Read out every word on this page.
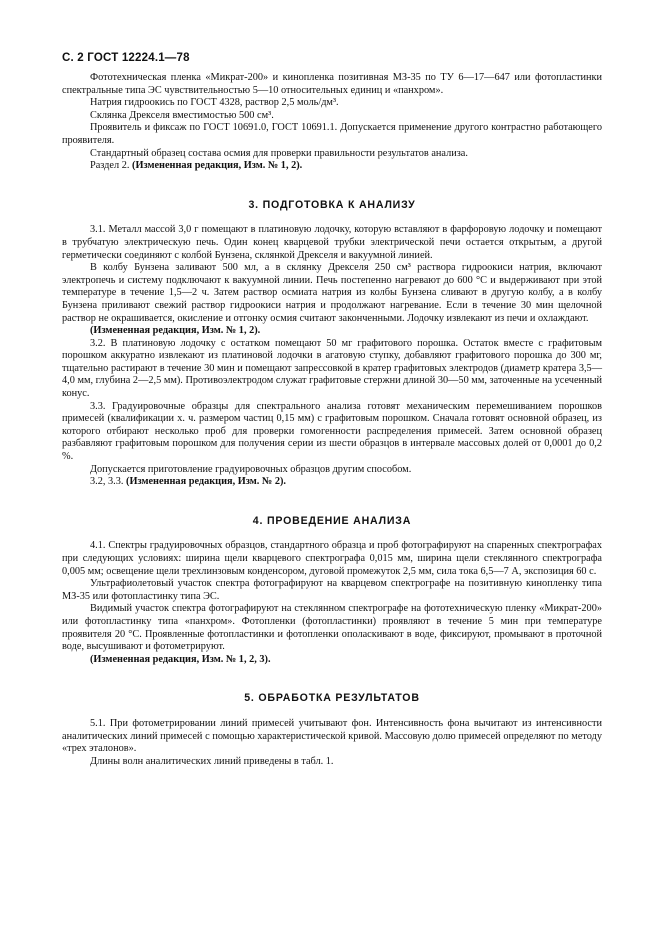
С. 2 ГОСТ 12224.1—78

Фототехническая пленка «Микрат-200» и кинопленка позитивная МЗ-35 по ТУ 6—17—647 или фотопластинки спектральные типа ЭС чувствительностью 5—10 относительных единиц и «панхром».

Натрия гидроокись по ГОСТ 4328, раствор 2,5 моль/дм³.

Склянка Дрекселя вместимостью 500 см³.

Проявитель и фиксаж по ГОСТ 10691.0, ГОСТ 10691.1. Допускается применение другого контрастно работающего проявителя.

Стандартный образец состава осмия для проверки правильности результатов анализа.

Раздел 2. (Измененная редакция, Изм. № 1, 2).

3. ПОДГОТОВКА К АНАЛИЗУ

3.1. Металл массой 3,0 г помещают в платиновую лодочку, которую вставляют в фарфоровую лодочку и помещают в трубчатую электрическую печь. Один конец кварцевой трубки электрической печи остается открытым, а другой герметически соединяют с колбой Бунзена, склянкой Дрекселя и вакуумной линией.

В колбу Бунзена заливают 500 мл, а в склянку Дрекселя 250 см³ раствора гидроокиси натрия, включают электропечь и систему подключают к вакуумной линии. Печь постепенно нагревают до 600 °С и выдерживают при этой температуре в течение 1,5—2 ч. Затем раствор осмиата натрия из колбы Бунзена сливают в другую колбу, а в колбу Бунзена приливают свежий раствор гидроокиси натрия и продолжают нагревание. Если в течение 30 мин щелочной раствор не окрашивается, окисление и отгонку осмия считают законченными. Лодочку извлекают из печи и охлаждают.

(Измененная редакция, Изм. № 1, 2).

3.2. В платиновую лодочку с остатком помещают 50 мг графитового порошка. Остаток вместе с графитовым порошком аккуратно извлекают из платиновой лодочки в агатовую ступку, добавляют графитового порошка до 300 мг, тщательно растирают в течение 30 мин и помещают запрессовкой в кратер графитовых электродов (диаметр кратера 3,5—4,0 мм, глубина 2—2,5 мм). Противоэлектродом служат графитовые стержни длиной 30—50 мм, заточенные на усеченный конус.

3.3. Градуировочные образцы для спектрального анализа готовят механическим перемешиванием порошков примесей (квалификации х. ч. размером частиц 0,15 мм) с графитовым порошком. Сначала готовят основной образец, из которого отбирают несколько проб для проверки гомогенности распределения примесей. Затем основной образец разбавляют графитовым порошком для получения серии из шести образцов в интервале массовых долей от 0,0001 до 0,2 %.

Допускается приготовление градуировочных образцов другим способом.

3.2, 3.3. (Измененная редакция, Изм. № 2).

4. ПРОВЕДЕНИЕ АНАЛИЗА

4.1. Спектры градуировочных образцов, стандартного образца и проб фотографируют на спаренных спектрографах при следующих условиях: ширина щели кварцевого спектрографа 0,015 мм, ширина щели стеклянного спектрографа 0,005 мм; освещение щели трехлинзовым конденсором, дуговой промежуток 2,5 мм, сила тока 6,5—7 А, экспозиция 60 с.

Ультрафиолетовый участок спектра фотографируют на кварцевом спектрографе на позитивную кинопленку типа МЗ-35 или фотопластинку типа ЭС.

Видимый участок спектра фотографируют на стеклянном спектрографе на фототехническую пленку «Микрат-200» или фотопластинку типа «панхром». Фотопленки (фотопластинки) проявляют в течение 5 мин при температуре проявителя 20 °С. Проявленные фотопластинки и фотопленки ополаскивают в воде, фиксируют, промывают в проточной воде, высушивают и фотометрируют.

(Измененная редакция, Изм. № 1, 2, 3).

5. ОБРАБОТКА РЕЗУЛЬТАТОВ

5.1. При фотометрировании линий примесей учитывают фон. Интенсивность фона вычитают из интенсивности аналитических линий примесей с помощью характеристической кривой. Массовую долю примесей определяют по методу «трех эталонов».

Длины волн аналитических линий приведены в табл. 1.
